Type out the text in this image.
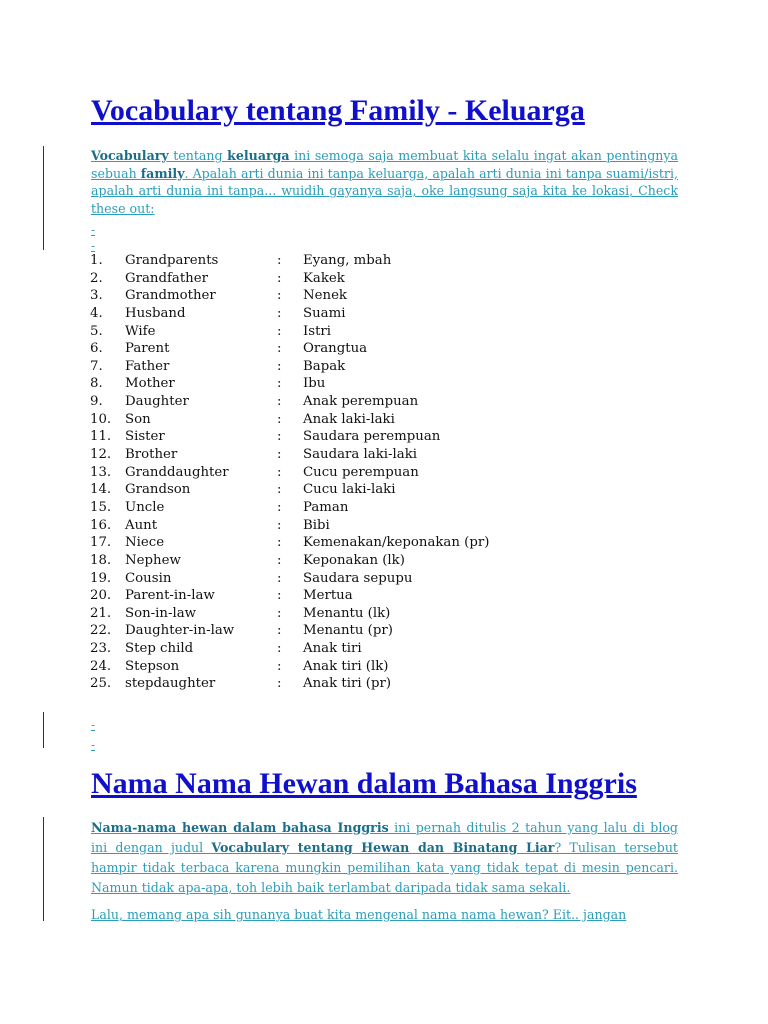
Vocabulary tentang Family - Keluarga

Vocabulary tentang keluarga ini semoga saja membuat kita selalu ingat akan pentingnya sebuah family. Apalah arti dunia ini tanpa keluarga, apalah arti dunia ini tanpa suami/istri, apalah arti dunia ini tanpa... wuidih gayanya saja, oke langsung saja kita ke lokasi, Check these out:

-
-
1. Grandparents	: Eyang, mbah
2. Grandfather	: Kakek
3. Grandmother	: Nenek
4. Husband	: Suami
5. Wife	: Istri
6. Parent	: Orangtua
7. Father	: Bapak
8. Mother	: Ibu
9. Daughter	: Anak perempuan
10. Son	: Anak laki-laki
11. Sister	: Saudara perempuan
12. Brother	: Saudara laki-laki
13. Granddaughter	: Cucu perempuan
14. Grandson	: Cucu laki-laki
15. Uncle	: Paman
16. Aunt	: Bibi
17. Niece	: Kemenakan/keponakan (pr)
18. Nephew	: Keponakan (lk)
19. Cousin	: Saudara sepupu
20. Parent-in-law	: Mertua
21. Son-in-law	: Menantu (lk)
22. Daughter-in-law	: Menantu (pr)
23. Step child	: Anak tiri
24. Stepson	: Anak tiri (lk)
25. stepdaughter	: Anak tiri (pr)
-
-
Nama Nama Hewan dalam Bahasa Inggris

Nama-nama hewan dalam bahasa Inggris ini pernah ditulis 2 tahun yang lalu di blog ini dengan judul Vocabulary tentang Hewan dan Binatang Liar? Tulisan tersebut hampir tidak terbaca karena mungkin pemilihan kata yang tidak tepat di mesin pencari. Namun tidak apa-apa, toh lebih baik terlambat daripada tidak sama sekali.

Lalu, memang apa sih gunanya buat kita mengenal nama nama hewan? Eit.. jangan
